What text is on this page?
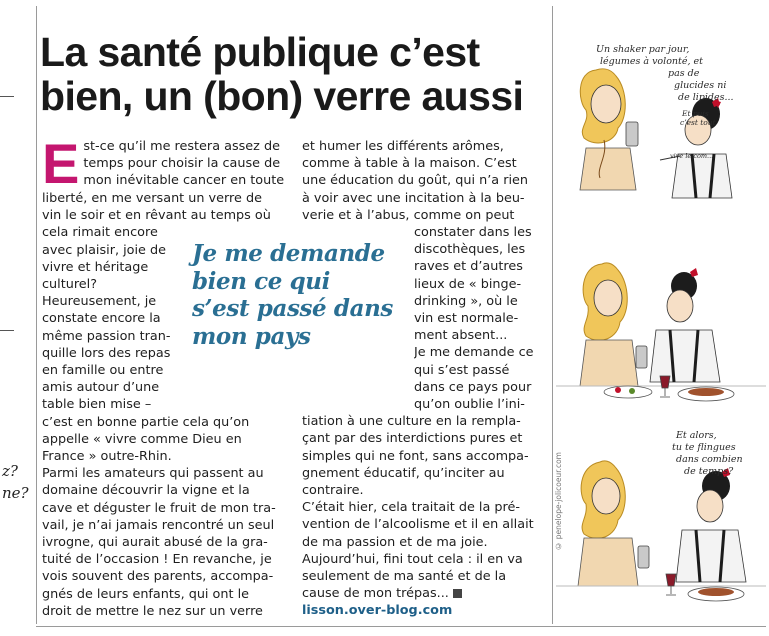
z?
ne?
La santé publique c’est
bien, un (bon) verre aussi
E st-ce qu’il me restera assez de
temps pour choisir la cause de
mon inévitable cancer en toute
liberté, en me versant un verre de
vin le soir et en rêvant au temps où
cela rimait encore
avec plaisir, joie de
vivre et héritage
culturel?
Heureusement, je
constate encore la
même passion tran-
quille lors des repas
en famille ou entre
amis autour d’une
table bien mise –
c’est en bonne partie cela qu’on
appelle « vivre comme Dieu en
France » outre-Rhin.
Parmi les amateurs qui passent au
domaine découvrir la vigne et la
cave et déguster le fruit de mon tra-
vail, je n’ai jamais rencontré un seul
ivrogne, qui aurait abusé de la gra-
tuité de l’occasion ! En revanche, je
vois souvent des parents, accompa-
gnés de leurs enfants, qui ont le
droit de mettre le nez sur un verre
et humer les différents arômes,
comme à table à la maison. C’est
une éducation du goût, qui n’a rien
à voir avec une incitation à la beu-
verie et à l’abus, comme on peut
constater dans les
discothèques, les
raves et d’autres
lieux de « binge-
drinking », où le
vin est normale-
ment absent...
Je me demande ce
qui s’est passé
dans ce pays pour
qu’on oublie l’ini-
tiation à une culture en la rempla-
çant par des interdictions pures et
simples qui ne font, sans accompa-
gnement éducatif, qu’inciter au
contraire.
C’était hier, cela traitait de la pré-
vention de l’alcoolisme et il en allait
de ma passion et de ma joie.
Aujourd’hui, fini tout cela : il en va
seulement de ma santé et de la
cause de mon trépas...
lisson.over-blog.com
Je me demande
bien ce qui
s’est passé dans
mon pays
Un shaker par jour,
légumes à volonté, et
pas de
glucides ni
de lipides...
Et puis
c’est tout
vive le com...
Et alors,
tu te flingues
dans combien
de temps?
© penelope-jolicoeur.com
